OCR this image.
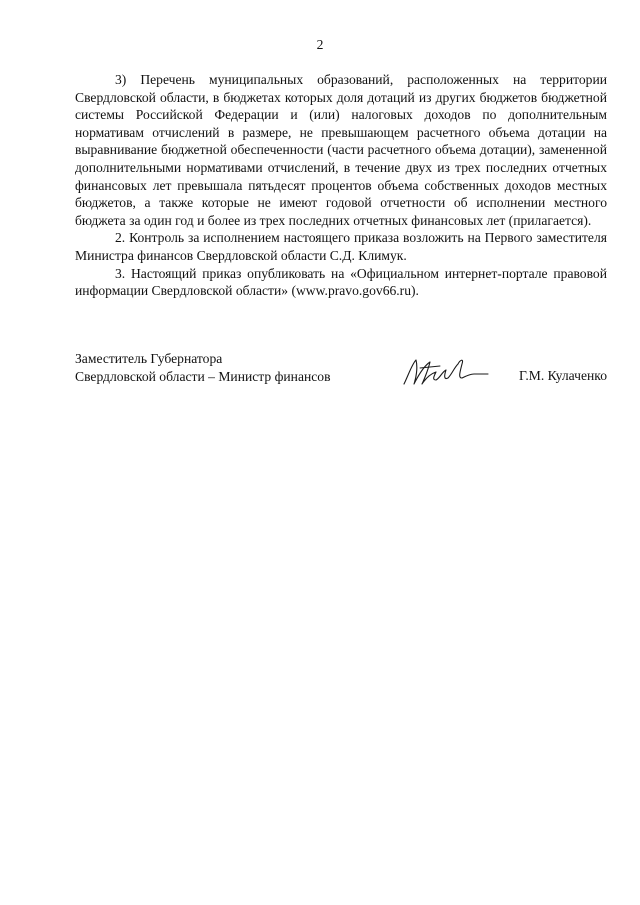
2

3) Перечень муниципальных образований, расположенных на территории Свердловской области, в бюджетах которых доля дотаций из других бюджетов бюджетной системы Российской Федерации и (или) налоговых доходов по дополнительным нормативам отчислений в размере, не превышающем расчетного объема дотации на выравнивание бюджетной обеспеченности (части расчетного объема дотации), замененной дополнительными нормативами отчислений, в течение двух из трех последних отчетных финансовых лет превышала пятьдесят процентов объема собственных доходов местных бюджетов, а также которые не имеют годовой отчетности об исполнении местного бюджета за один год и более из трех последних отчетных финансовых лет (прилагается).

2. Контроль за исполнением настоящего приказа возложить на Первого заместителя Министра финансов Свердловской области С.Д. Климук.

3. Настоящий приказ опубликовать на «Официальном интернет-портале правовой информации Свердловской области» (www.pravo.gov66.ru).

Заместитель Губернатора
Свердловской области – Министр финансов	Г.М. Кулаченко
